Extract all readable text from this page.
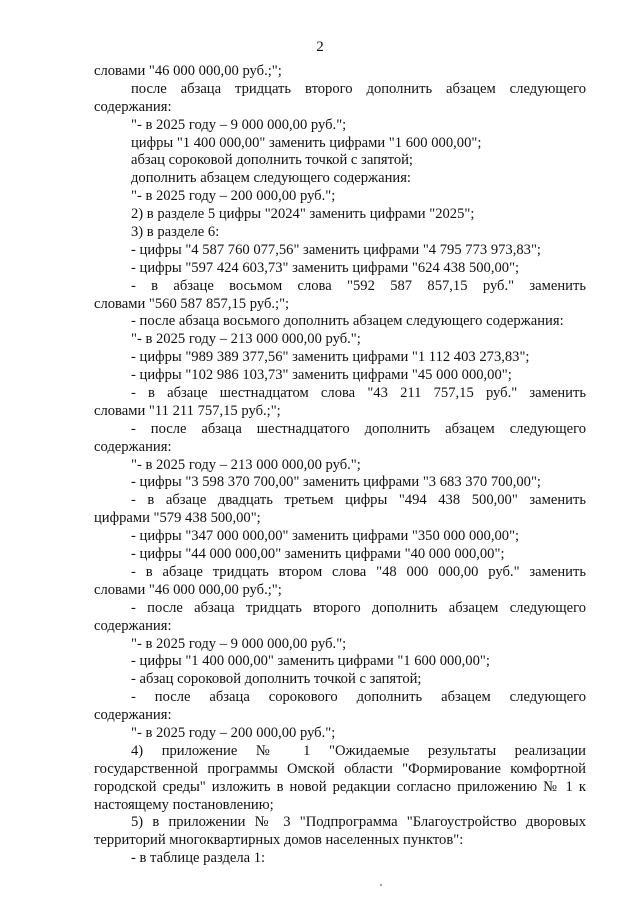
2
словами "46 000 000,00 руб.;";
после абзаца тридцать второго дополнить абзацем следующего
содержания:
"- в 2025 году – 9 000 000,00 руб.";
цифры "1 400 000,00" заменить цифрами "1 600 000,00";
абзац сороковой дополнить точкой с запятой;
дополнить абзацем следующего содержания:
"- в 2025 году – 200 000,00 руб.";
2) в разделе 5 цифры "2024" заменить цифрами "2025";
3) в разделе 6:
- цифры "4 587 760 077,56" заменить цифрами "4 795 773 973,83";
- цифры "597 424 603,73" заменить цифрами "624 438 500,00";
- в абзаце восьмом слова "592 587 857,15 руб." заменить
словами "560 587 857,15 руб.;";
- после абзаца восьмого дополнить абзацем следующего содержания:
"- в 2025 году – 213 000 000,00 руб.";
- цифры "989 389 377,56" заменить цифрами "1 112 403 273,83";
- цифры "102 986 103,73" заменить цифрами "45 000 000,00";
- в абзаце шестнадцатом слова "43 211 757,15 руб." заменить
словами "11 211 757,15 руб.;";
- после абзаца шестнадцатого дополнить абзацем следующего
содержания:
"- в 2025 году – 213 000 000,00 руб.";
- цифры "3 598 370 700,00" заменить цифрами "3 683 370 700,00";
- в абзаце двадцать третьем цифры "494 438 500,00" заменить
цифрами "579 438 500,00";
- цифры "347 000 000,00" заменить цифрами "350 000 000,00";
- цифры "44 000 000,00" заменить цифрами "40 000 000,00";
- в абзаце тридцать втором слова "48 000 000,00 руб." заменить
словами "46 000 000,00 руб.;";
- после абзаца тридцать второго дополнить абзацем следующего
содержания:
"- в 2025 году – 9 000 000,00 руб.";
- цифры "1 400 000,00" заменить цифрами "1 600 000,00";
- абзац сороковой дополнить точкой с запятой;
- после абзаца сорокового дополнить абзацем следующего
содержания:
"- в 2025 году – 200 000,00 руб.";
4) приложение № 1 "Ожидаемые результаты реализации
государственной программы Омской области "Формирование комфортной
городской среды" изложить в новой редакции согласно приложению № 1 к
настоящему постановлению;
5) в приложении № 3 "Подпрограмма "Благоустройство дворовых
территорий многоквартирных домов населенных пунктов":
- в таблице раздела 1:
